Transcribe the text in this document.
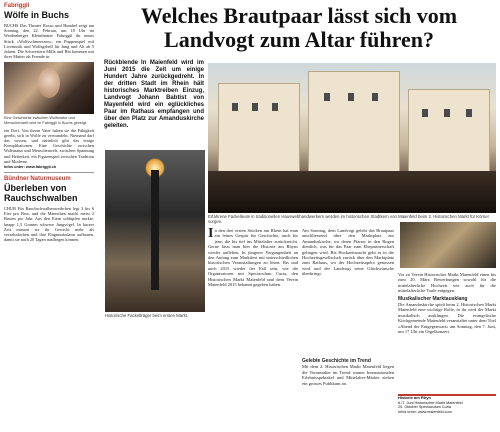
Fabriggli
Wölfe in Buchs
BUCHS Das Theater Rosso und Humbel zeigt am Sonntag, den 22. Februar, um 18 Uhr im Werdenberger Kleintheater Fabriggli ihr neues Stück «Wolfsschmeerzen», ein Puppenspiel mit Livemusik und Wolfsgebell für Jung und Alt ab 5 Jahren. Die Schwestern Milla und Bla kommen mit ihrer Mutter als Fremde in
Eine Geschichte zwischen Wolfsnatur und Menschenwelt wird im Fabriggli in Buchs gezeigt.
ein Dorf. Von ihrem Vater haben sie die Fähigkeit geerbt, sich in Wölfe zu verwandeln. Niemand darf das wissen, und natürlich gibt das einige Komplikationen. Eine Geschichte zwischen Wolfsnatur und Menschenwelt, zwischen Spannung und Heiterkeit, ein Figurenspiel zwischen Tradition und Moderne.
Infos unter: www.fabriggli.ch
Bündner Naturmuseum
Überleben von Rauchschwalben
CHUR Ein Rauchschwalbenweibchen legt 3 bis 6 Eier pro Brut, und die Männchen macht meist 2 Bruten pro Jahr. Aus den Eiern schlüpfen nackte, knapp 1,5 Gramm schwere Jungvögel. In kurzer Zeit müssen sie ihr Gewicht mehr als verzehnfachen und ihre Flugmuskulatur aufbauen, damit sie nach 20 Tagen ausfliegen können.
Welches Brautpaar lässt sich vom Landvogt zum Altar führen?
Rückblende In Maienfeld wird im Juni 2015 die Zeit um einige Hundert Jahre zurückgedreht. In der dritten Stadt im Rhein hält historisches Marktreiben Einzug, Landvogt Johann Babtist von Mayenfeld wird ein eglückliches Paar im Rathaus empfangen und über den Platz zur Amanduskirche geleiten.
Historische Fackelträger beim ersten Markt.
Erfahrene Fackelleute in traditionellen Hauswebhandwerkern werden im historischen Stadtkern von Maienfeld beim 2. Historischen Markt für Körner sorgen.
In den drei ersten Stücken am Rhein hat man ein feines Gespür für Geschichte, auch für jene, die bis tief ins Mittelalter zurückreicht. Gerne lässt man hier die Historie am Rhyns wieder aufleben. In jüngerer Vergangenheit an den Anfang zum Marktfest mit unterschiedlichen historischen Veranstaltungen zu lösen. Bis und auch 2015 wieder der Fall sein, wie die Organisatoren mit Spectaculum Curia, den Historischen Markt Maienfeld und dem Verein Maienfeld 2015 bekannt gegeben haben.
Am Sonntag, dem Landvogt gelebt das Brautpaar anschliessend über den Marktplatz zur Amanduskirche, wo deren Pfarrer in den Bogen dienlich, was für das Paar zum Ehepartnerschaft gelingen wird. Bis Hochzeitsnacht geht es in die Hochzeitsgesellschaft zurück über den Marktplatz zum Rathaus, wo der Hochzeitsapéro genossen wird und der Landvogt seine Glückwünsche überbringt.	Vor zu Verein Historischer Markt Maienfeld einen bis zum 20. März Bewerbungen sowohl für die mittelalterliche Hochzeit wie auch für die mittelalterliche Taufe entgegen.
Musikalischer Marktausklang
Die Amanduskirche spielt beim 2. Historischen Markt Maienfeld eine wichtige Rolle, in ihr wird der Markt musikalisch ausklingen. Die evangelische Kirchgemeinde Maienfeld veranstaltet unter dem Titel «Abend der Entgegenwart» am Sonntag, den 7. Juni, um 17 Uhr ein Orgelkonzert.
Gelebte Geschichte im Trend
Mit dem 2. Historischen Markt Maienfeld liegen die Veranstalter im Trend: immer Internationalen Erlebnisspektakel und Mittelalter-Märkte ziehen ein grosses Publikum an.
Historie am Rhyn
6./7. Juni Historischer Markt Maienfeld
20. Oktober Spectaculum Curia
Infos unter: www.maienfeld.com
